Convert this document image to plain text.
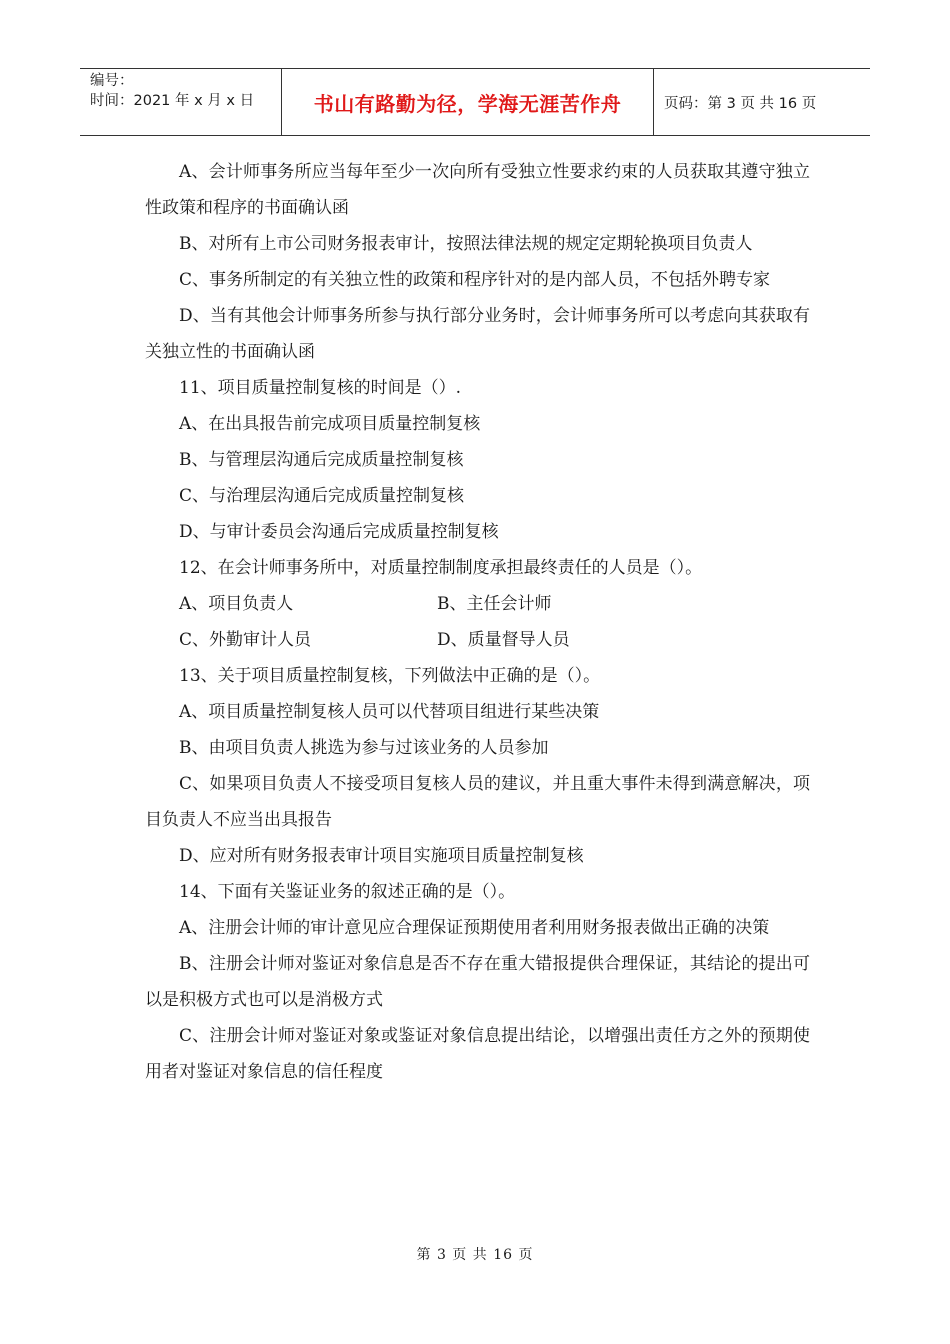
编号：
时间：2021 年 x 月 x 日	书山有路勤为径，学海无涯苦作舟	页码：第 3 页 共 16 页

A、会计师事务所应当每年至少一次向所有受独立性要求约束的人员获取其遵守独立性政策和程序的书面确认函

B、对所有上市公司财务报表审计，按照法律法规的规定定期轮换项目负责人

C、事务所制定的有关独立性的政策和程序针对的是内部人员，不包括外聘专家

D、当有其他会计师事务所参与执行部分业务时，会计师事务所可以考虑向其获取有关独立性的书面确认函

11、项目质量控制复核的时间是（）.

A、在出具报告前完成项目质量控制复核

B、与管理层沟通后完成质量控制复核

C、与治理层沟通后完成质量控制复核

D、与审计委员会沟通后完成质量控制复核

12、在会计师事务所中，对质量控制制度承担最终责任的人员是（）。

A、项目负责人	B、主任会计师
C、外勤审计人员	D、质量督导人员

13、关于项目质量控制复核，下列做法中正确的是（）。

A、项目质量控制复核人员可以代替项目组进行某些决策

B、由项目负责人挑选为参与过该业务的人员参加

C、如果项目负责人不接受项目复核人员的建议，并且重大事件未得到满意解决，项目负责人不应当出具报告

D、应对所有财务报表审计项目实施项目质量控制复核

14、下面有关鉴证业务的叙述正确的是（）。

A、注册会计师的审计意见应合理保证预期使用者利用财务报表做出正确的决策

B、注册会计师对鉴证对象信息是否不存在重大错报提供合理保证，其结论的提出可以是积极方式也可以是消极方式

C、注册会计师对鉴证对象或鉴证对象信息提出结论，以增强出责任方之外的预期使用者对鉴证对象信息的信任程度

第 3 页 共 16 页
